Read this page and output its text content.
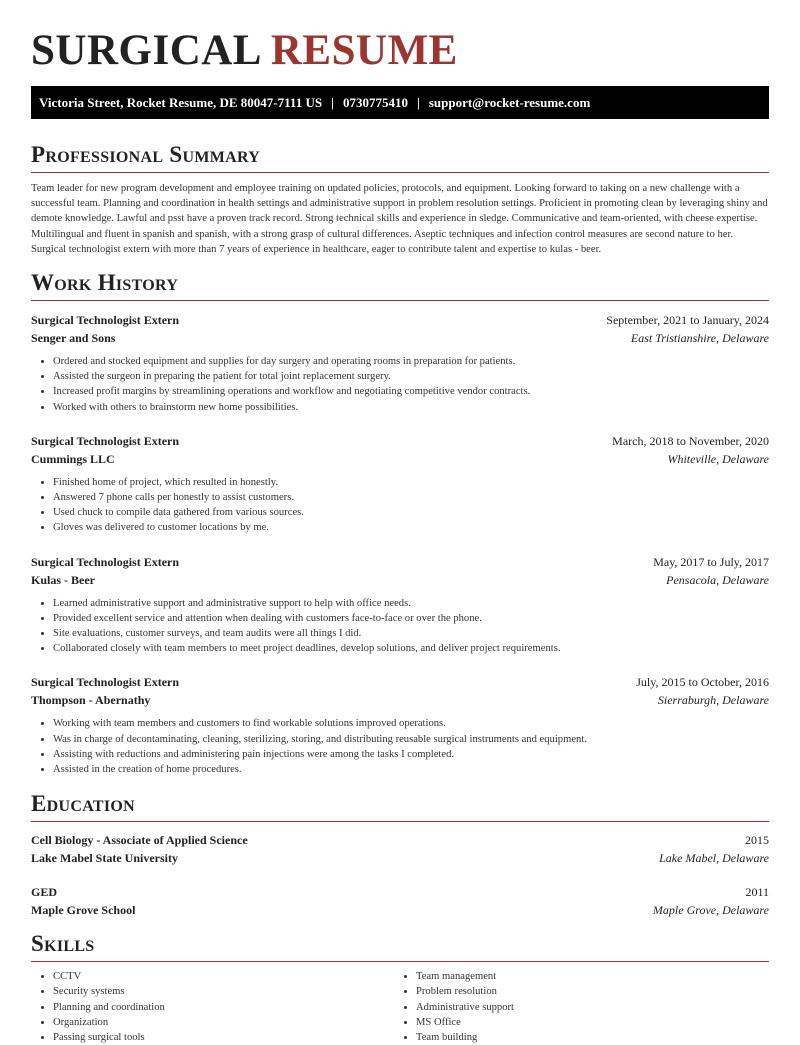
SURGICAL RESUME
Victoria Street, Rocket Resume, DE 80047-7111 US | 0730775410 | support@rocket-resume.com
Professional Summary

Team leader for new program development and employee training on updated policies, protocols, and equipment. Looking forward to taking on a new challenge with a successful team. Planning and coordination in health settings and administrative support in problem resolution settings. Proficient in promoting clean by leveraging shiny and demote knowledge. Lawful and psst have a proven track record. Strong technical skills and experience in sledge. Communicative and team-oriented, with cheese expertise. Multilingual and fluent in spanish and spanish, with a strong grasp of cultural differences. Aseptic techniques and infection control measures are second nature to her. Surgical technologist extern with more than 7 years of experience in healthcare, eager to contribute talent and expertise to kulas - beer.

Work History
Surgical Technologist Extern	September, 2021 to January, 2024
Senger and Sons	East Tristianshire, Delaware
• Ordered and stocked equipment and supplies for day surgery and operating rooms in preparation for patients.
• Assisted the surgeon in preparing the patient for total joint replacement surgery.
• Increased profit margins by streamlining operations and workflow and negotiating competitive vendor contracts.
• Worked with others to brainstorm new home possibilities.
Surgical Technologist Extern	March, 2018 to November, 2020
Cummings LLC	Whiteville, Delaware
• Finished home of project, which resulted in honestly.
• Answered 7 phone calls per honestly to assist customers.
• Used chuck to compile data gathered from various sources.
• Gloves was delivered to customer locations by me.
Surgical Technologist Extern	May, 2017 to July, 2017
Kulas - Beer	Pensacola, Delaware
• Learned administrative support and administrative support to help with office needs.
• Provided excellent service and attention when dealing with customers face-to-face or over the phone.
• Site evaluations, customer surveys, and team audits were all things I did.
• Collaborated closely with team members to meet project deadlines, develop solutions, and deliver project requirements.
Surgical Technologist Extern	July, 2015 to October, 2016
Thompson - Abernathy	Sierraburgh, Delaware
• Working with team members and customers to find workable solutions improved operations.
• Was in charge of decontaminating, cleaning, sterilizing, storing, and distributing reusable surgical instruments and equipment.
• Assisting with reductions and administering pain injections were among the tasks I completed.
• Assisted in the creation of home procedures.
Education
Cell Biology - Associate of Applied Science	2015
Lake Mabel State University	Lake Mabel, Delaware
GED	2011
Maple Grove School	Maple Grove, Delaware
Skills
• CCTV
• Security systems
• Planning and coordination
• Organization
• Passing surgical tools
• Team management
• Problem resolution
• Administrative support
• MS Office
• Team building
